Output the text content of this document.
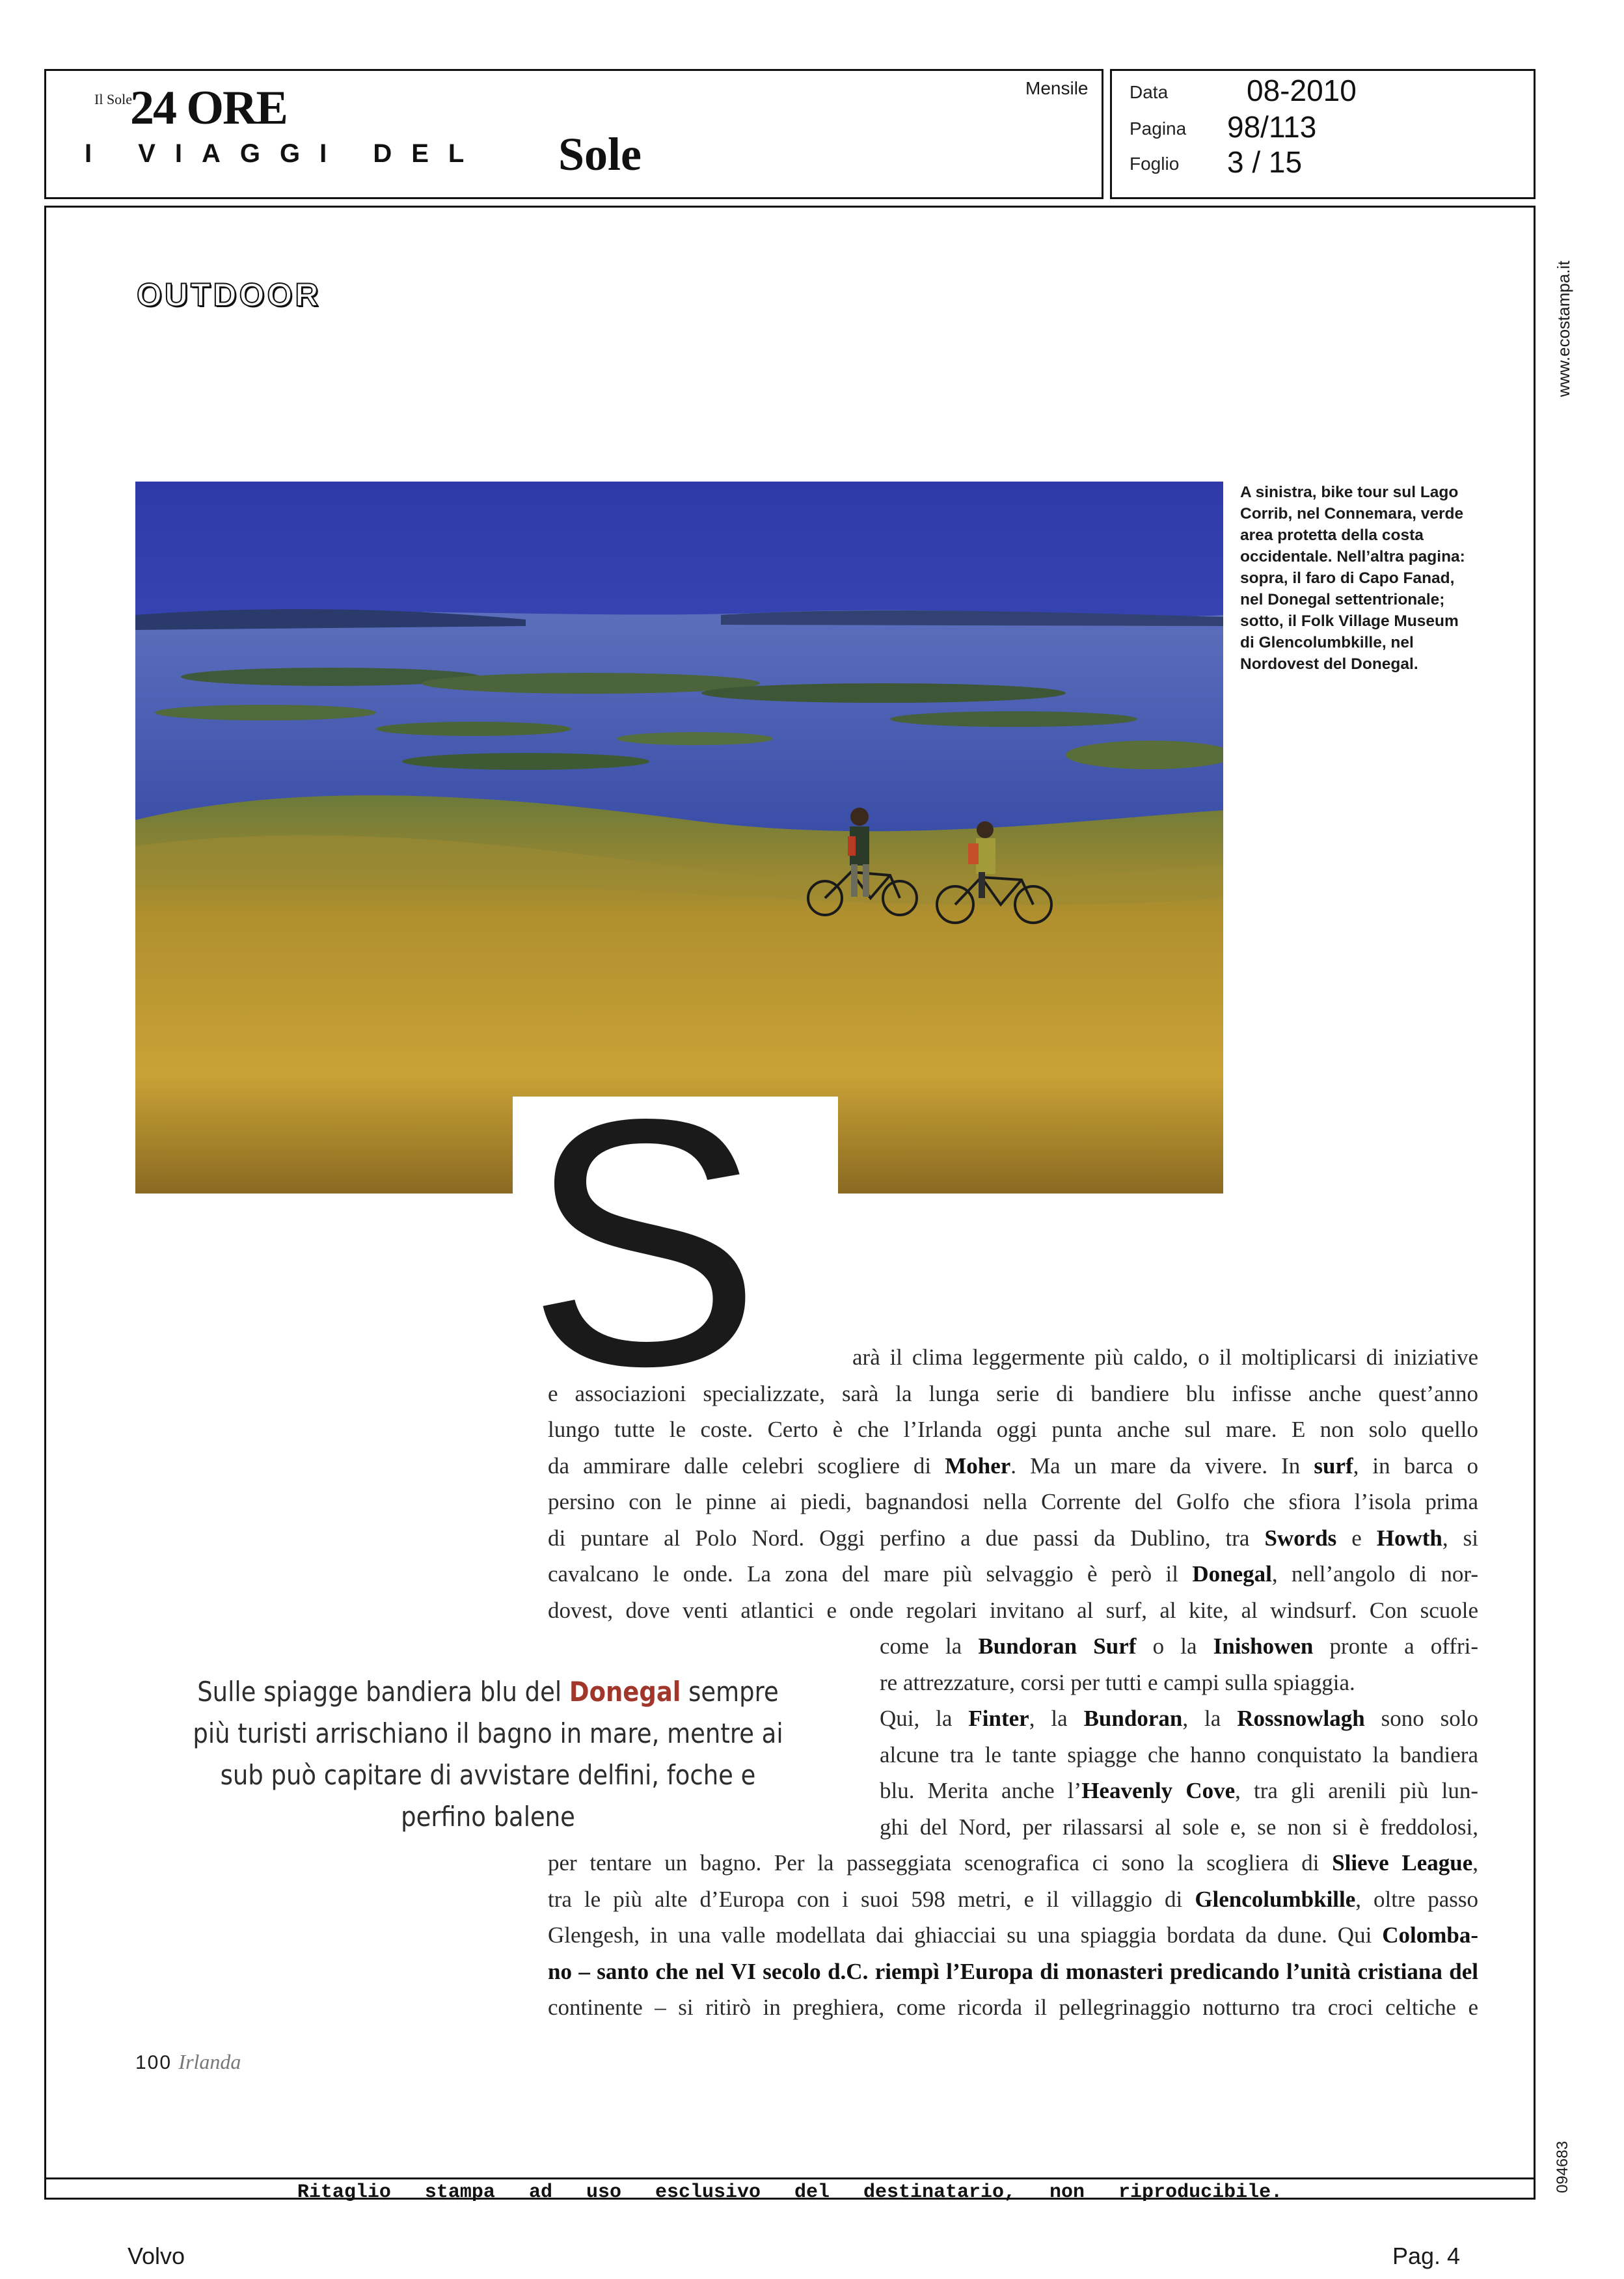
Il Sole
24 ORE
I VIAGGI DEL Sole
Mensile Data	08-2010
Pagina 98/113
Foglio 3 / 15
www.ecostampa.it
094683
OUTDOOR
S
A sinistra, bike tour sul Lago Corrib, nel Connemara, verde area protetta della costa occidentale. Nell’altra pagina: sopra, il faro di Capo Fanad, nel Donegal settentrionale; sotto, il Folk Village Museum di Glencolumbkille, nel Nordovest del Donegal.
arà il clima leggermente più caldo, o il moltiplicarsi di iniziative
e associazioni specializzate, sarà la lunga serie di bandiere blu infisse anche quest’anno
lungo tutte le coste. Certo è che l’Irlanda oggi punta anche sul mare. E non solo quello
da ammirare dalle celebri scogliere di Moher. Ma un mare da vivere. In surf, in barca o
persino con le pinne ai piedi, bagnandosi nella Corrente del Golfo che sfiora l’isola prima
di puntare al Polo Nord. Oggi perfino a due passi da Dublino, tra Swords e Howth, si
cavalcano le onde. La zona del mare più selvaggio è però il Donegal, nell’angolo di nor-
dovest, dove venti atlantici e onde regolari invitano al surf, al kite, al windsurf. Con scuole
come la Bundoran Surf o la Inishowen pronte a offri-
re attrezzature, corsi per tutti e campi sulla spiaggia.
Qui, la Finter, la Bundoran, la Rossnowlagh sono solo
alcune tra le tante spiagge che hanno conquistato la bandiera
blu. Merita anche l’Heavenly Cove, tra gli arenili più lun-
ghi del Nord, per rilassarsi al sole e, se non si è freddolosi,
per tentare un bagno. Per la passeggiata scenografica ci sono la scogliera di Slieve League,
tra le più alte d’Europa con i suoi 598 metri, e il villaggio di Glencolumbkille, oltre passo
Glengesh, in una valle modellata dai ghiacciai su una spiaggia bordata da dune. Qui Colomba-
no – santo che nel VI secolo d.C. riempì l’Europa di monasteri predicando l’unità cristiana del
continente – si ritirò in preghiera, come ricorda il pellegrinaggio notturno tra croci celtiche e
Sulle spiagge bandiera blu del Donegal sempre più turisti arrischiano il bagno in mare, mentre ai sub può capitare di avvistare delfini, foche e perfino balene
100 Irlanda
Ritaglio stampa ad uso esclusivo del destinatario, non riproducibile.
Volvo	Pag. 4
